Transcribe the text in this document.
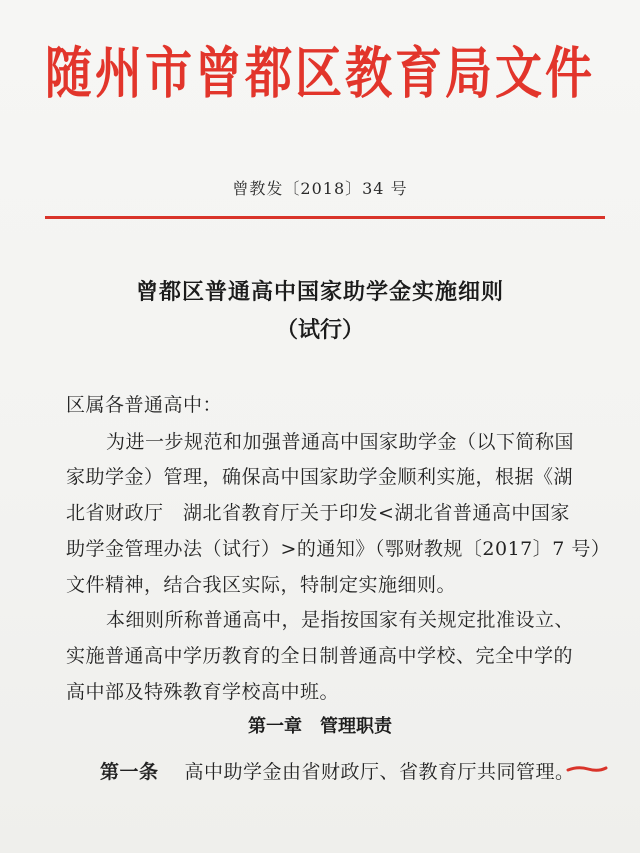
随州市曾都区教育局文件
曾教发〔2018〕34 号
曾都区普通高中国家助学金实施细则
（试行）
区属各普通高中：
为进一步规范和加强普通高中国家助学金（以下简称国
家助学金）管理，确保高中国家助学金顺利实施，根据《湖
北省财政厅　湖北省教育厅关于印发<湖北省普通高中国家
助学金管理办法（试行）>的通知》（鄂财教规〔2017〕7 号）
文件精神，结合我区实际，特制定实施细则。
本细则所称普通高中，是指按国家有关规定批准设立、
实施普通高中学历教育的全日制普通高中学校、完全中学的
高中部及特殊教育学校高中班。
第一章 管理职责
第一条 高中助学金由省财政厅、省教育厅共同管理。
